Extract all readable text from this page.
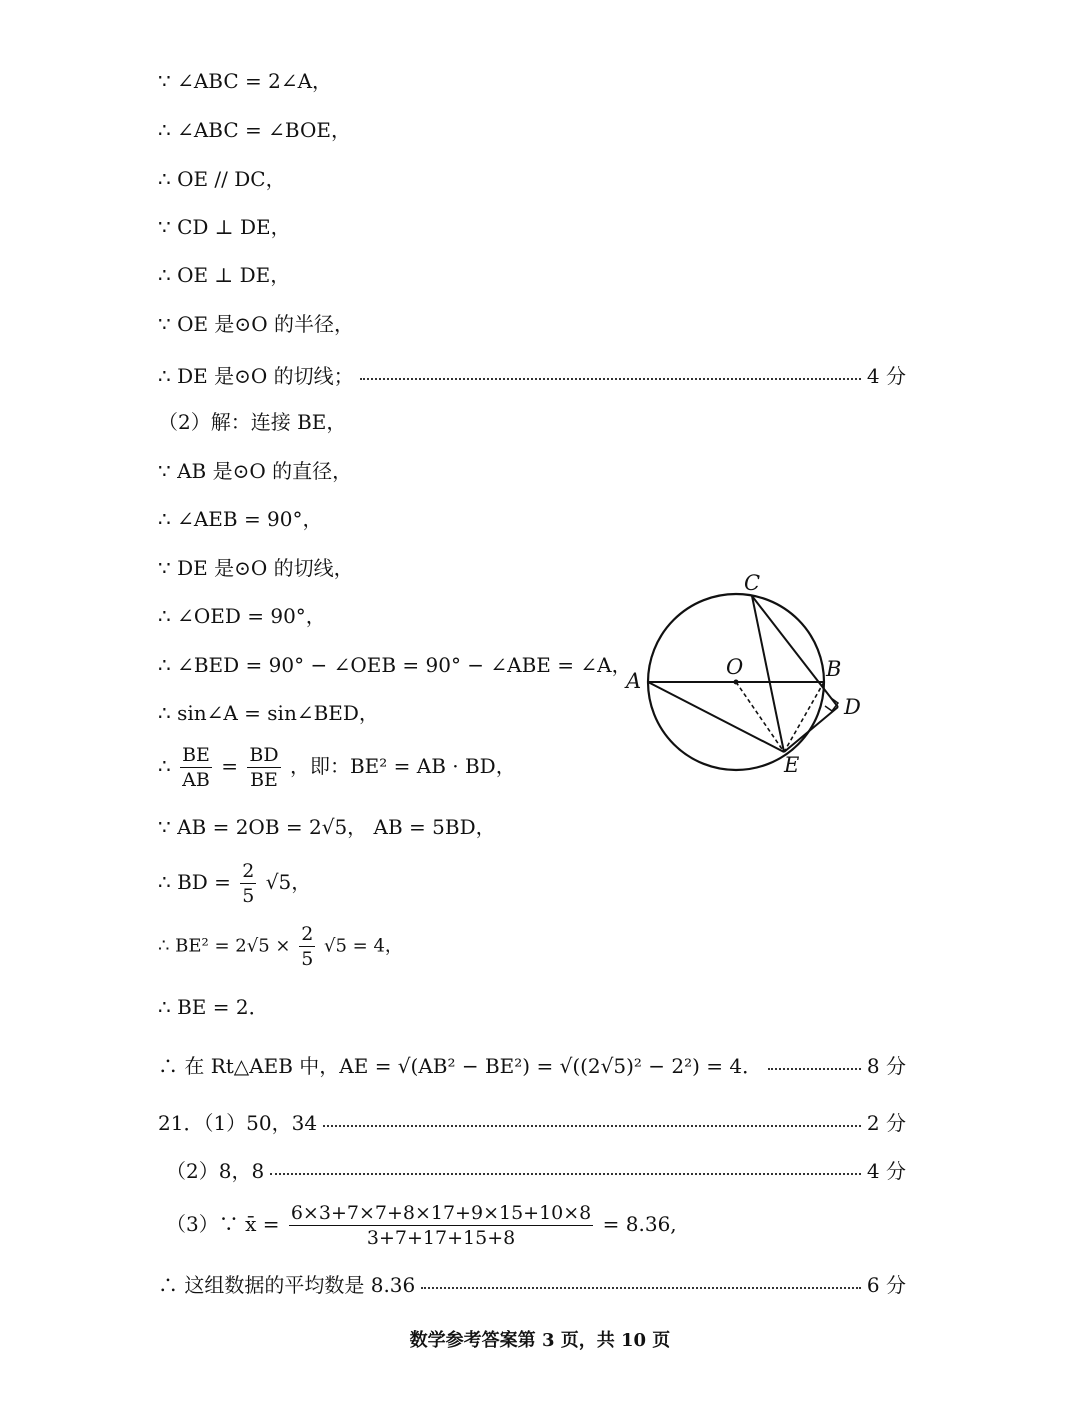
∵ ∠ABC = 2∠A，
∴ ∠ABC = ∠BOE，
∴ OE // DC，
∵ CD ⊥ DE，
∴ OE ⊥ DE，
∵ OE 是⊙O 的半径，
∴ DE 是⊙O 的切线；	4 分
（2）解：连接 BE，
∵ AB 是⊙O 的直径，
∴ ∠AEB = 90°，
∵ DE 是⊙O 的切线，
∴ ∠OED = 90°，
∴ ∠BED = 90° − ∠OEB = 90° − ∠ABE = ∠A，
∴ sin∠A = sin∠BED，
∴ $\frac{BE}{AB} = \frac{BD}{BE}$ ，即：BE² = AB · BD，
∵ AB = 2OB = 2√5， AB = 5BD，
∴ BD = $\frac{2}{5} √5$，
∴ $BE^2 = 2√5 \times \frac{2}{5} √5 = 4$，
∴ BE = 2．
∴ 在 Rt△AEB 中，AE = √(AB² − BE²) = √((2√5)² − 2²) = 4．	8 分
21．（1）50，34	2 分
（2）8，8	4 分
（3）∵ x̄ = $\frac{6\times 3+7\times 7+8\times 17+9\times 15+10\times 8}{3+7+17+15+8} = 8.36$,
∴ 这组数据的平均数是 8.36	6 分
A	B
C
D
E
O
数学参考答案第 3 页，共 10 页
